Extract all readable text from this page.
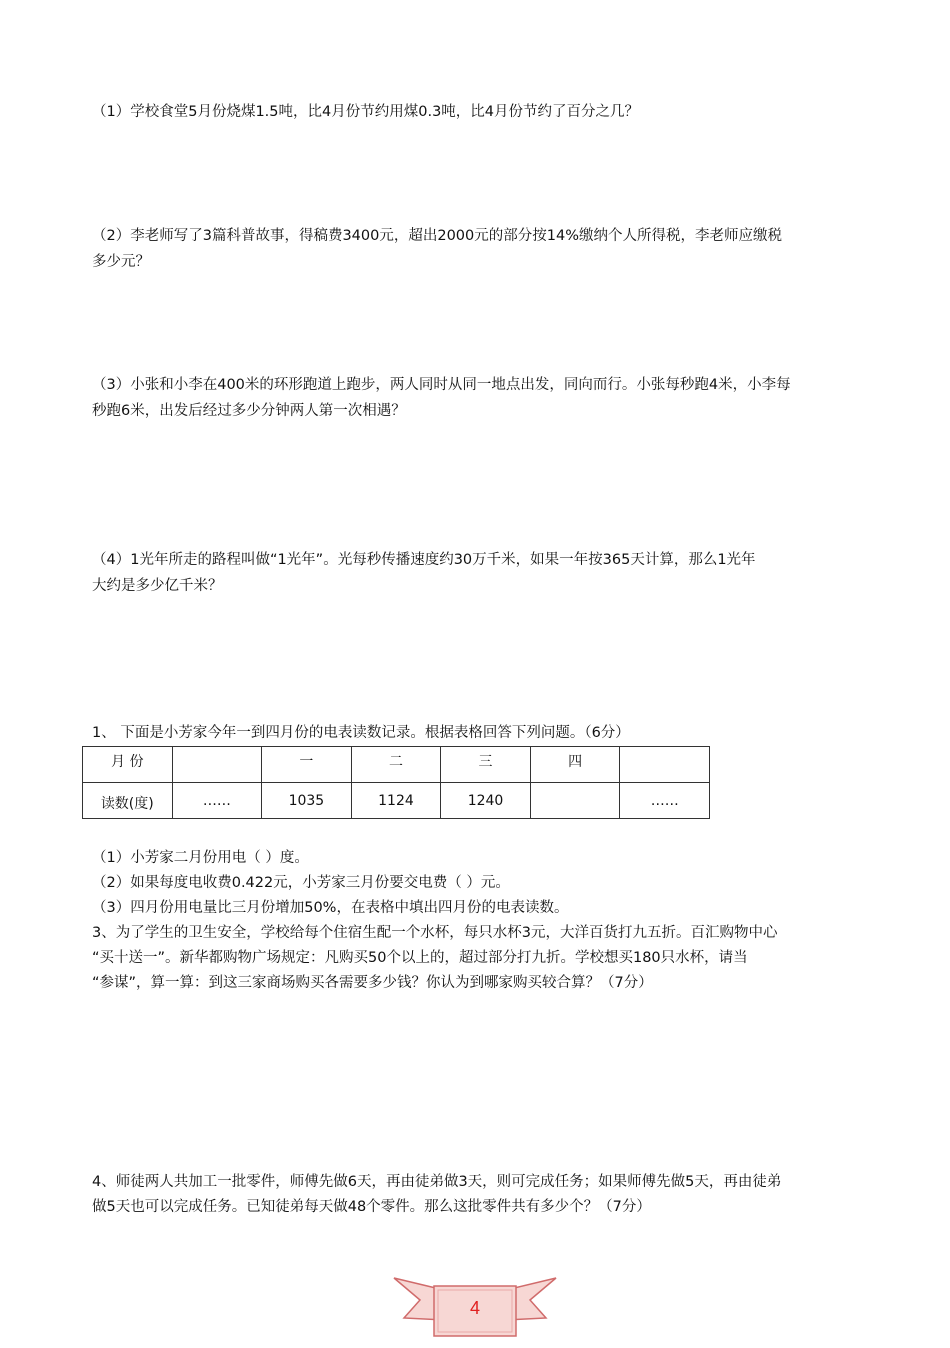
（1）学校食堂5月份烧煤1.5吨，比4月份节约用煤0.3吨，比4月份节约了百分之几？
（2）李老师写了3篇科普故事，得稿费3400元，超出2000元的部分按14%缴纳个人所得税，李老师应缴税
多少元？
（3）小张和小李在400米的环形跑道上跑步，两人同时从同一地点出发，同向而行。小张每秒跑4米，小李每
秒跑6米，出发后经过多少分钟两人第一次相遇？
（4）1光年所走的路程叫做“1光年”。光每秒传播速度约30万千米，如果一年按365天计算，那么1光年
大约是多少亿千米？
1、 下面是小芳家今年一到四月份的电表读数记录。根据表格回答下列问题。（6分）
月 份		一	二	三	四	
读数(度)	……	1035	1124	1240		……
（1）小芳家二月份用电（ ）度。
（2）如果每度电收费0.422元，小芳家三月份要交电费（ ）元。
（3）四月份用电量比三月份增加50%，在表格中填出四月份的电表读数。
3、为了学生的卫生安全，学校给每个住宿生配一个水杯，每只水杯3元，大洋百货打九五折。百汇购物中心
“买十送一”。新华都购物广场规定：凡购买50个以上的，超过部分打九折。学校想买180只水杯，请当
“参谋”，算一算：到这三家商场购买各需要多少钱？你认为到哪家购买较合算？（7分）
4、师徒两人共加工一批零件，师傅先做6天，再由徒弟做3天，则可完成任务；如果师傅先做5天，再由徒弟
做5天也可以完成任务。已知徒弟每天做48个零件。那么这批零件共有多少个？（7分）
4
